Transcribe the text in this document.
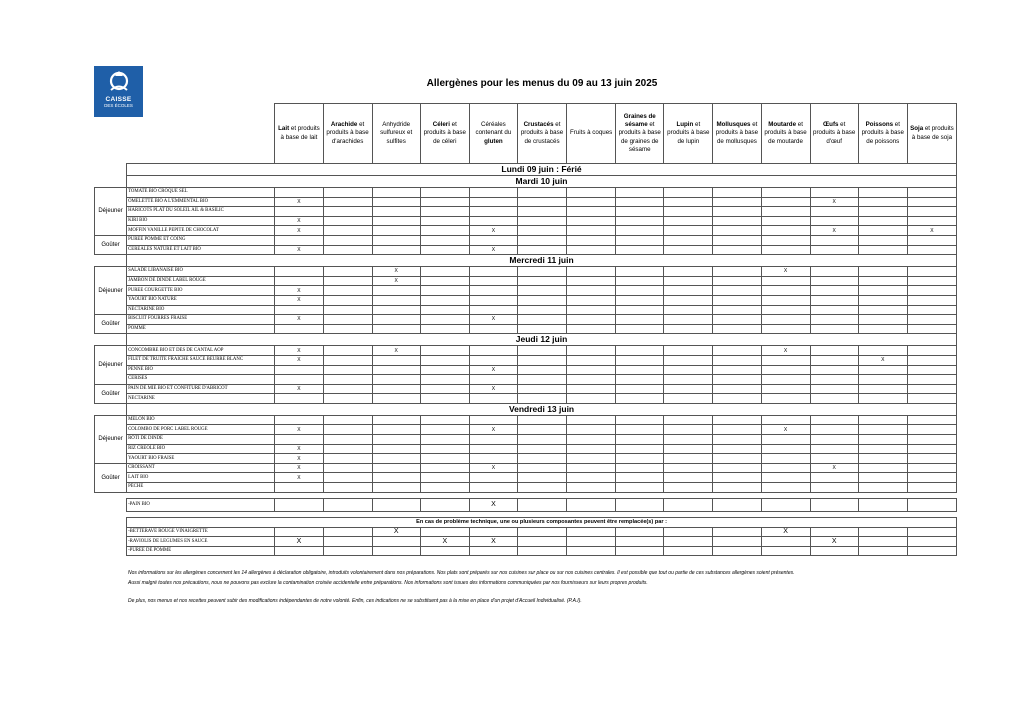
CAISSE
DES ÉCOLES
Allergènes pour les menus du 09 au 13 juin 2025
		Lait et produits à base de lait	Arachide et produits à base d'arachides	Anhydride sulfureux et sulfites	Céleri et produits à base de céleri	Céréales contenant du gluten	Crustacés et produits à base de crustacés	Fruits à coques	Graines de sésame et produits à base de graines de sésame	Lupin et produits à base de lupin	Mollusques et produits à base de mollusques	Moutarde et produits à base de moutarde	Œufs et produits à base d'œuf	Poissons et produits à base de poissons	Soja et produits à base de soja
	Lundi 09 juin : Férié														
	Mardi 10 juin														
Déjeuner	TOMATE BIO CROQUE SEL														
	OMELETTE BIO A L'EMMENTAL BIO	X											X		
	HARICOTS PLAT DU SOLEIL AIL & BASILIC														
	KIRI BIO	X													
	MOFFIN VANILLE PEPITE DE CHOCOLAT	X				X							X		X
Goûter	PUREE POMME ET COING														
	CEREALES NATURE ET LAIT BIO	X				X									
	Mercredi 11 juin														
Déjeuner	SALADE LIBANAISE BIO			X								X			
	JAMBON DE DINDE LABEL ROUGE			X											
	PUREE COURGETTE BIO	X													
	YAOURT BIO NATURE	X													
	NECTARINE BIO														
Goûter	BISCUIT FOURRES FRAISE	X				X									
	POMME														
	Jeudi 12 juin														
Déjeuner	CONCOMBRE BIO ET DES DE CANTAL AOP	X		X								X			
	FILET DE TRUITE FRAICHE SAUCE BEURRE BLANC	X												X	
	PENNE BIO					X									
	CERISES														
Goûter	PAIN DE MIE BIO ET CONFITURE D'ABRICOT	X				X									
	NECTARINE														
	Vendredi 13 juin														
Déjeuner	MELON BIO														
	COLOMBO DE PORC LABEL ROUGE	X				X						X			
	RÔTI DE DINDE														
	RIZ CREOLE BIO	X													
	YAOURT BIO FRAISE	X													
Goûter	CROISSANT	X				X							X		
	LAIT BIO	X													
	PÊCHE														

	-PAIN BIO					X									

	En cas de problème technique, une ou plusieurs composantes peuvent être remplacée(s) par :														
	-BETTERAVE ROUGE VINAIGRETTE			X								X			
	-RAVIOLIS DE LEGUMES EN SAUCE	X			X	X							X		
	-PUREE DE POMME														
Nos informations sur les allergènes concernent les 14 allergènes à déclaration obligatoire, introduits volontairement dans nos préparations. Nos plats sont préparés sur nos cuisines sur place ou sur nos cuisines centrales. Il est possible que tout ou partie de ces substances allergènes soient présentes.
Aussi malgré toutes nos précautions, nous ne pouvons pas exclure la contamination croisée accidentelle entre préparations. Nos informations sont issues des informations communiquées par nos fournisseurs sur leurs propres produits.
De plus, nos menus et nos recettes peuvent subir des modifications indépendantes de notre volonté. Enfin, ces indications ne se substituent pas à la mise en place d'un projet d'Accueil Individualisé. (P.A.I).
